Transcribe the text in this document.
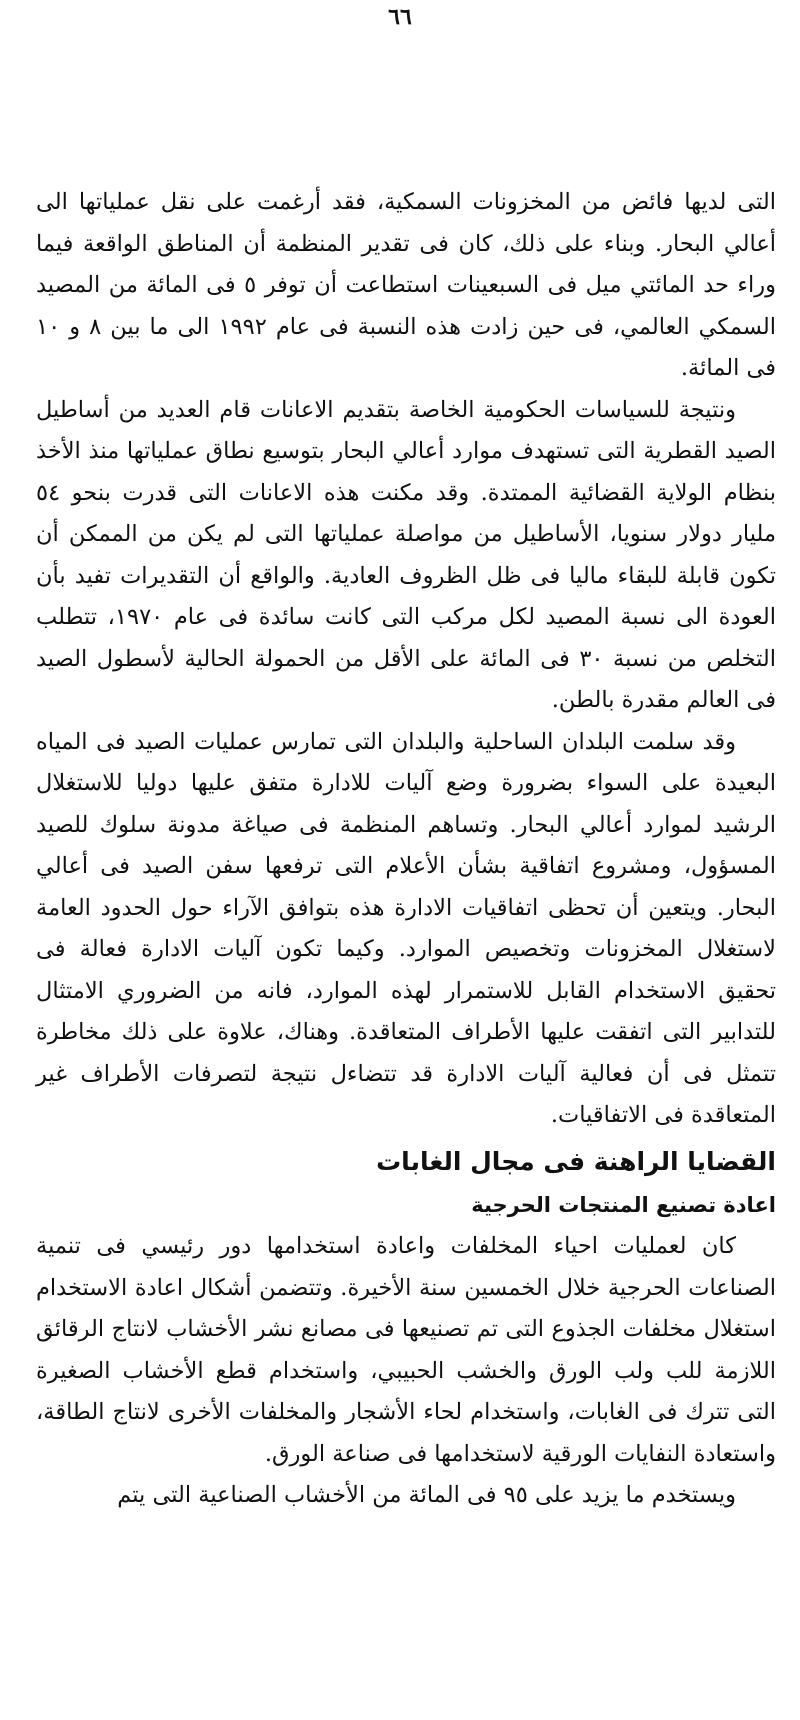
٦٦

التى لديها فائض من المخزونات السمكية، فقد أرغمت على نقل عملياتها الى أعالي البحار. وبناء على ذلك، كان فى تقدير المنظمة أن المناطق الواقعة فيما وراء حد المائتي ميل فى السبعينات استطاعت أن توفر ٥ فى المائة من المصيد السمكي العالمي، فى حين زادت هذه النسبة فى عام ١٩٩٢ الى ما بين ٨ و ١٠ فى المائة.

ونتيجة للسياسات الحكومية الخاصة بتقديم الاعانات قام العديد من أساطيل الصيد القطرية التى تستهدف موارد أعالي البحار بتوسيع نطاق عملياتها منذ الأخذ بنظام الولاية القضائية الممتدة. وقد مكنت هذه الاعانات التى قدرت بنحو ٥٤ مليار دولار سنويا، الأساطيل من مواصلة عملياتها التى لم يكن من الممكن أن تكون قابلة للبقاء ماليا فى ظل الظروف العادية. والواقع أن التقديرات تفيد بأن العودة الى نسبة المصيد لكل مركب التى كانت سائدة فى عام ١٩٧٠، تتطلب التخلص من نسبة ٣٠ فى المائة على الأقل من الحمولة الحالية لأسطول الصيد فى العالم مقدرة بالطن.

وقد سلمت البلدان الساحلية والبلدان التى تمارس عمليات الصيد فى المياه البعيدة على السواء بضرورة وضع آليات للادارة متفق عليها دوليا للاستغلال الرشيد لموارد أعالي البحار. وتساهم المنظمة فى صياغة مدونة سلوك للصيد المسؤول، ومشروع اتفاقية بشأن الأعلام التى ترفعها سفن الصيد فى أعالي البحار. ويتعين أن تحظى اتفاقيات الادارة هذه بتوافق الآراء حول الحدود العامة لاستغلال المخزونات وتخصيص الموارد. وكيما تكون آليات الادارة فعالة فى تحقيق الاستخدام القابل للاستمرار لهذه الموارد، فانه من الضروري الامتثال للتدابير التى اتفقت عليها الأطراف المتعاقدة. وهناك، علاوة على ذلك مخاطرة تتمثل فى أن فعالية آليات الادارة قد تتضاءل نتيجة لتصرفات الأطراف غير المتعاقدة فى الاتفاقيات.

القضايا الراهنة فى مجال الغابات
اعادة تصنيع المنتجات الحرجية

كان لعمليات احياء المخلفات واعادة استخدامها دور رئيسي فى تنمية الصناعات الحرجية خلال الخمسين سنة الأخيرة. وتتضمن أشكال اعادة الاستخدام استغلال مخلفات الجذوع التى تم تصنيعها فى مصانع نشر الأخشاب لانتاج الرقائق اللازمة للب ولب الورق والخشب الحبيبي، واستخدام قطع الأخشاب الصغيرة التى تترك فى الغابات، واستخدام لحاء الأشجار والمخلفات الأخرى لانتاج الطاقة، واستعادة النفايات الورقية لاستخدامها فى صناعة الورق.

ويستخدم ما يزيد على ٩٥ فى المائة من الأخشاب الصناعية التى يتم
